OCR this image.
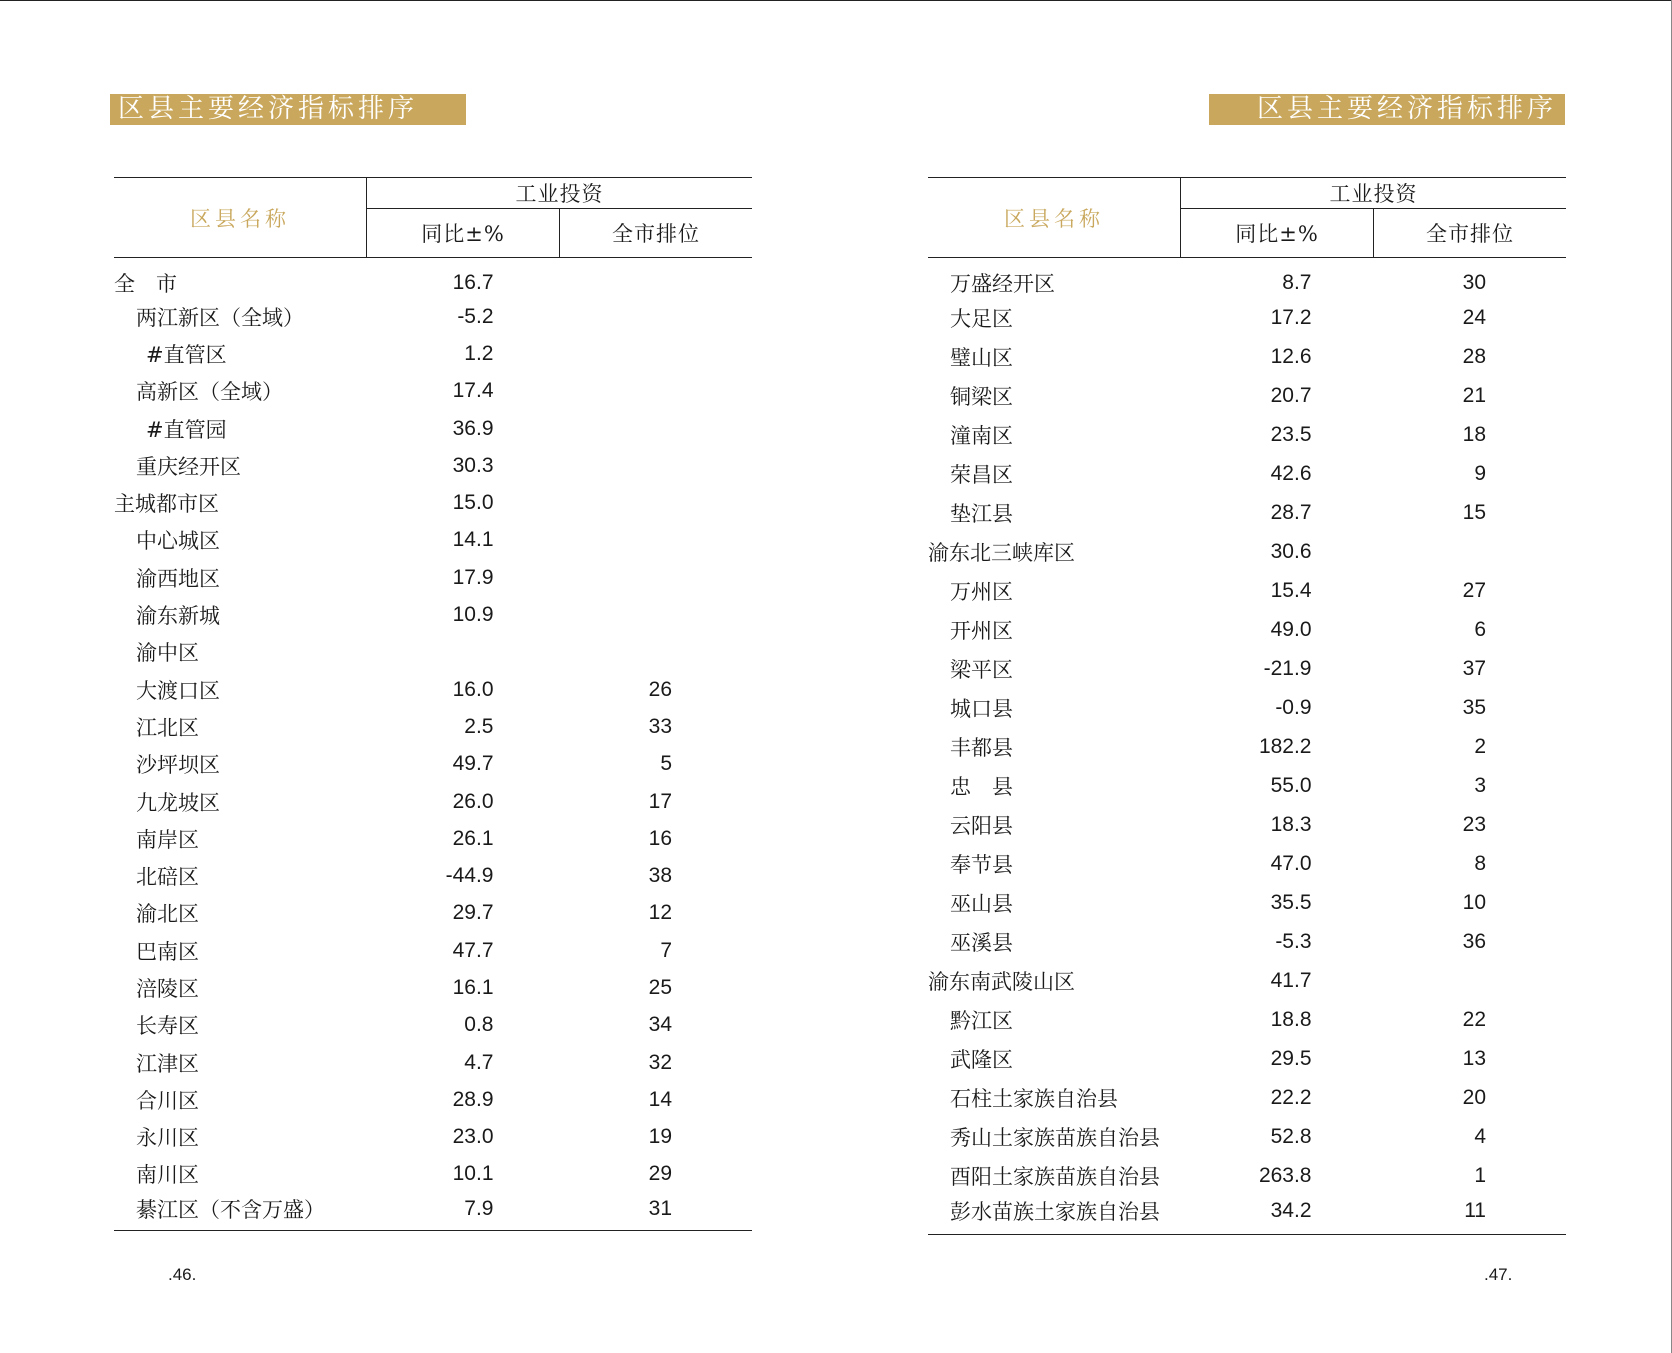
区县主要经济指标排序
区县名称	工业投资	
	同比±%	全市排位
全　市	16.7	
两江新区（全域）	-5.2	
#直管区	1.2	
高新区（全域）	17.4	
#直管园	36.9	
重庆经开区	30.3	
主城都市区	15.0	
中心城区	14.1	
渝西地区	17.9	
渝东新城	10.9	
渝中区		
大渡口区	16.0	26
江北区	2.5	33
沙坪坝区	49.7	5
九龙坡区	26.0	17
南岸区	26.1	16
北碚区	-44.9	38
渝北区	29.7	12
巴南区	47.7	7
涪陵区	16.1	25
长寿区	0.8	34
江津区	4.7	32
合川区	28.9	14
永川区	23.0	19
南川区	10.1	29
綦江区（不含万盛）	7.9	31
.46.
区县主要经济指标排序
区县名称	工业投资	
	同比±%	全市排位
万盛经开区	8.7	30
大足区	17.2	24
璧山区	12.6	28
铜梁区	20.7	21
潼南区	23.5	18
荣昌区	42.6	9
垫江县	28.7	15
渝东北三峡库区	30.6	
万州区	15.4	27
开州区	49.0	6
梁平区	-21.9	37
城口县	-0.9	35
丰都县	182.2	2
忠　县	55.0	3
云阳县	18.3	23
奉节县	47.0	8
巫山县	35.5	10
巫溪县	-5.3	36
渝东南武陵山区	41.7	
黔江区	18.8	22
武隆区	29.5	13
石柱土家族自治县	22.2	20
秀山土家族苗族自治县	52.8	4
酉阳土家族苗族自治县	263.8	1
彭水苗族土家族自治县	34.2	11
.47.
